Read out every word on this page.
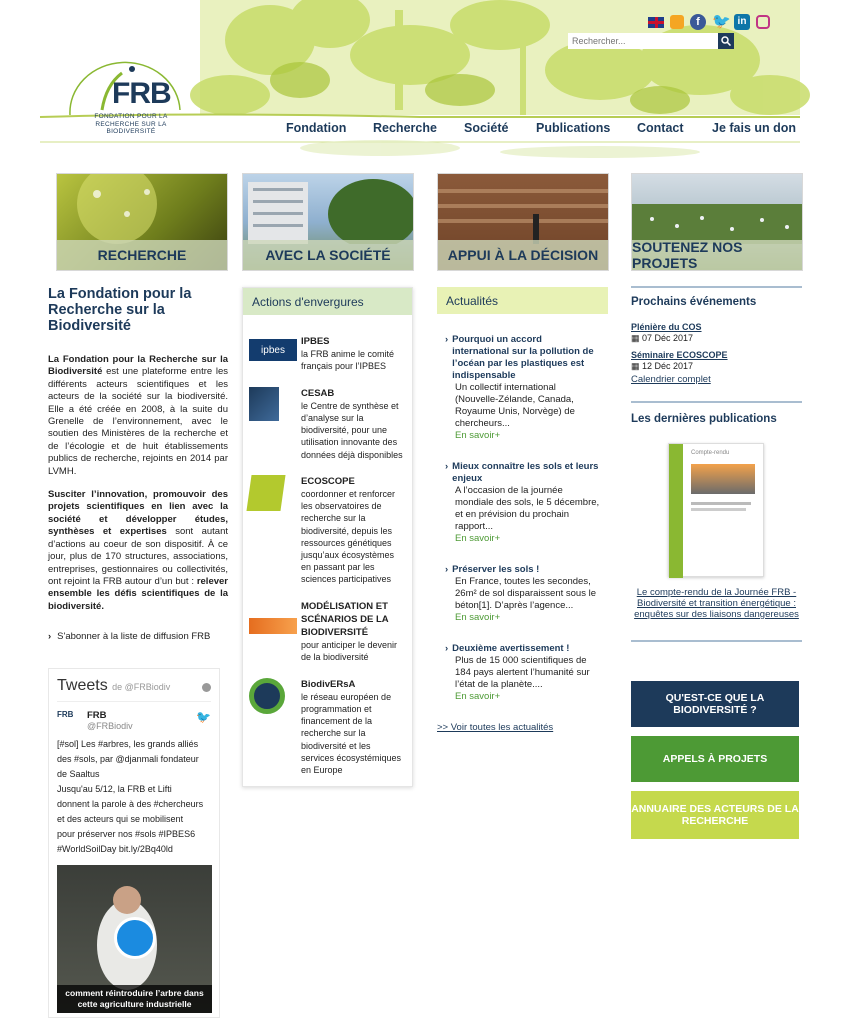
FRB
FONDATION POUR LA RECHERCHE SUR LA BIODIVERSITÉ
f 🐦 in
Rechercher...
Fondation	Recherche	Société	Publications	Contact	Je fais un don
RECHERCHE	AVEC LA SOCIÉTÉ	APPUI À LA DÉCISION	SOUTENEZ NOS PROJETS
La Fondation pour la Recherche sur la Biodiversité

La Fondation pour la Recherche sur la Biodiversité est une plateforme entre les différents acteurs scientifiques et les acteurs de la société sur la biodiversité. Elle a été créée en 2008, à la suite du Grenelle de l’environnement, avec le soutien des Ministères de la recherche et de l’écologie et de huit établissements publics de recherche, rejoints en 2014 par LVMH.

Susciter l’innovation, promouvoir des projets scientifiques en lien avec la société et développer études, synthèses et expertises sont autant d’actions au coeur de son dispositif. À ce jour, plus de 170 structures, associations, entreprises, gestionnaires ou collectivités, ont rejoint la FRB autour d’un but : relever ensemble les défis scientifiques de la biodiversité.

› S'abonner à la liste de diffusion FRB
Tweets de @FRBiodiv
FRB	FRB
@FRBiodiv
🐦
[#sol] Les #arbres, les grands alliés
des #sols, par @djanmali fondateur
de Saaltus
Jusqu'au 5/12, la FRB et Lifti
donnent la parole à des #chercheurs
et des acteurs qui se mobilisent
pour préserver nos #sols #IPBES6
#WorldSoilDay bit.ly/2Bq40ld
comment réintroduire l’arbre dans cette agriculture industrielle
Actions d'envergures
ipbes
IPBES
la FRB anime le comité français pour l’IPBES
CESAB
le Centre de synthèse et d’analyse sur la biodiversité, pour une utilisation innovante des données déjà disponibles
ECOSCOPE
coordonner et renforcer les observatoires de recherche sur la biodiversité, depuis les ressources génétiques jusqu’aux écosystèmes en passant par les sciences participatives
MODÉLISATION ET SCÉNARIOS DE LA BIODIVERSITÉ
pour anticiper le devenir de la biodiversité
BiodivERsA
le réseau européen de programmation et financement de la recherche sur la biodiversité et les services écosystémiques en Europe
Actualités
› Pourquoi un accord international sur la pollution de l’océan par les plastiques est indispensable
Un collectif international (Nouvelle-Zélande, Canada, Royaume Unis, Norvège) de chercheurs...
En savoir+
› Mieux connaître les sols et leurs enjeux
A l’occasion de la journée mondiale des sols, le 5 décembre, et en prévision du prochain rapport...
En savoir+
› Préserver les sols !
En France, toutes les secondes, 26m² de sol disparaissent sous le béton[1]. D’après l’agence...
En savoir+
› Deuxième avertissement !
Plus de 15 000 scientifiques de 184 pays alertent l’humanité sur l’état de la planète....
En savoir+
>> Voir toutes les actualités
Prochains événements
Plénière du COS
▦ 07 Déc 2017
Séminaire ECOSCOPE
▦ 12 Déc 2017
Calendrier complet
Les dernières publications
Compte-rendu
Le compte-rendu de la Journée FRB - Biodiversité et transition énergétique : enquêtes sur des liaisons dangereuses
QU'EST-CE QUE LA BIODIVERSITÉ ?
APPELS À PROJETS
ANNUAIRE DES ACTEURS DE LA RECHERCHE
